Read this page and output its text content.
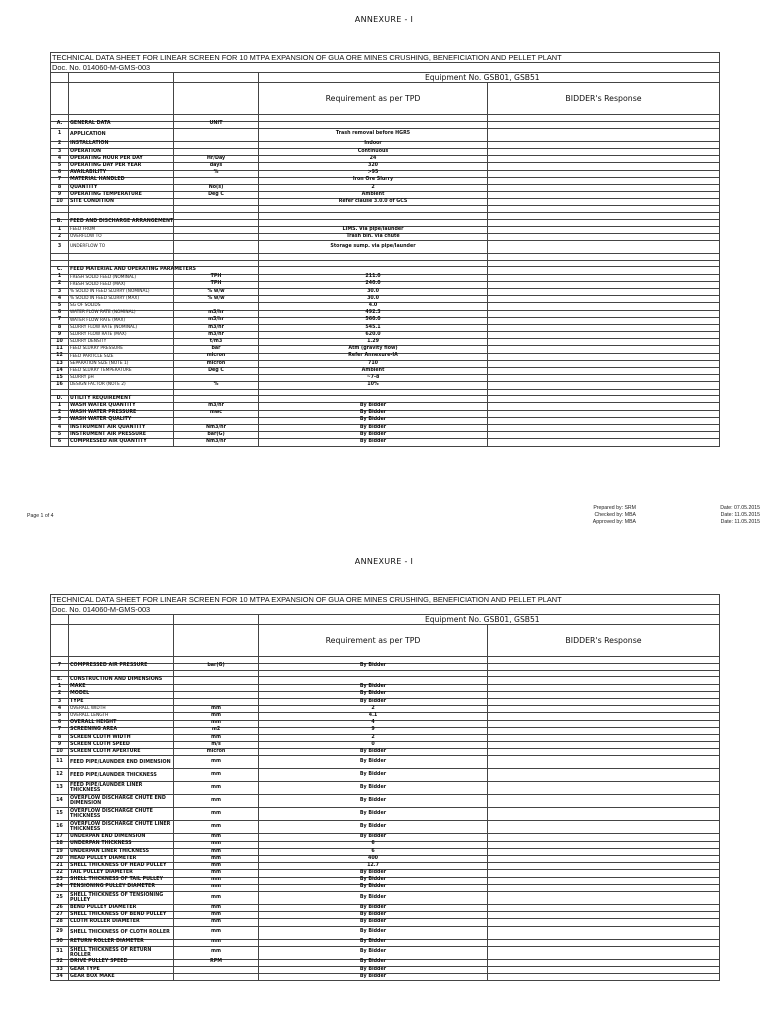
ANNEXURE - I
TECHNICAL DATA SHEET FOR LINEAR SCREEN FOR 10 MTPA EXPANSION OF GUA ORE MINES CRUSHING, BENEFICIATION AND PELLET PLANT				
Doc. No. 014060-M-GMS-003				
			Equipment No. GSB01, GSB51	
			Requirement as per TPD	BIDDER's Response

A.	GENERAL DATA	UNIT		
1	APPLICATION		Trash removal before HGR5	
2	INSTALLATION		Indoor	
3	OPERATION		Continuous	
4	OPERATING HOUR PER DAY	Hr/Day	24	
5	OPERATING DAY PER YEAR	days	320	
6	AVAILABILITY	%	>95	
7	MATERIAL HANDLED		Iron Ore Slurry	
8	QUANTITY	No(s)	2	
9	OPERATING TEMPERATURE	Deg C	Ambient	
10	SITE CONDITION		Refer clause 3.0.0 of GCS	

B.	FEED AND DISCHARGE ARRANGEMENT			
1	FEED FROM		LIMS. Via pipe/launder	
2	OVERFLOW TO		Trash bin. via chute	
3	UNDERFLOW TO		Storage sump. via pipe/launder	

C.	FEED MATERIAL AND OPERATING PARAMETERS			
1	FRESH SOLID FEED (NOMINAL)	TPH	211.0	
2	FRESH SOLID FEED (MAX)	TPH	240.0	
3	% SOLID IN FEED SLURRY (NOMINAL)	% w/w	30.0	
4	% SOLID IN FEED SLURRY (MAX)	% w/w	30.0	
5	SG OF SOLIDS		4.0	
6	WATER FLOW RATE (NOMINAL)	m3/hr	492.3	
7	WATER FLOW RATE (MAX)	m3/hr	560.0	
8	SLURRY FLOW RATE (NOMINAL)	m3/hr	545.1	
9	SLURRY FLOW RATE (MAX)	m3/hr	620.0	
10	SLURRY DENSITY	t/m3	1.29	
11	FEED SLURRY PRESSURE	bar	Atm (gravity flow)	
12	FEED PARTICLE SIZE	micron	Refer Annexure-IA	
13	SEPARATION SIZE (NOTE 1)	micron	710	
14	FEED SLURRY TEMPERATURE	Deg C	Ambient	
15	SLURRY pH		~7-8	
16	DESIGN FACTOR (NOTE 2)	%	10%	

D.	UTILITY REQUIREMENT			
1	WASH WATER QUANTITY	m3/hr	By Bidder	
2	WASH WATER PRESSURE	mwc	By Bidder	
3	WASH WATER QUALITY		By Bidder	
4	INSTRUMENT AIR QUANTITY	Nm3/hr	By Bidder	
5	INSTRUMENT AIR PRESSURE	bar(G)	By Bidder	
6	COMPRESSED AIR QUANTITY	Nm3/hr	By Bidder	
Page 1 of 4
Prepared by: SRM
Checked by: MBA
Approved by: MBA
Date: 07.05.2015
Date: 11.05.2015
Date: 11.05.2015
ANNEXURE - I
TECHNICAL DATA SHEET FOR LINEAR SCREEN FOR 10 MTPA EXPANSION OF GUA ORE MINES CRUSHING, BENEFICIATION AND PELLET PLANT				
Doc. No. 014060-M-GMS-003				
			Equipment No. GSB01, GSB51	
			Requirement as per TPD	BIDDER's Response

7	COMPRESSED AIR PRESSURE	bar(G)	By Bidder	

E.	CONSTRUCTION AND DIMENSIONS			
1	MAKE		By Bidder	
2	MODEL		By Bidder	
3	TYPE		By Bidder	
4	OVERALL WIDTH	mm	2	
5	OVERALL LENGTH	mm	4.1	
6	OVERALL HEIGHT	mm	4	
7	SCREENING AREA	m2	9	
8	SCREEN CLOTH WIDTH	mm	2	
9	SCREEN CLOTH SPEED	m/s	0	
10	SCREEN CLOTH APERTURE	micron	By Bidder	
11	FEED PIPE/LAUNDER END DIMENSION	mm	By Bidder	
12	FEED PIPE/LAUNDER THICKNESS	mm	By Bidder	
13	FEED PIPE/LAUNDER LINER THICKNESS	mm	By Bidder	
14	OVERFLOW DISCHARGE CHUTE END DIMENSION	mm	By Bidder	
15	OVERFLOW DISCHARGE CHUTE THICKNESS	mm	By Bidder	
16	OVERFLOW DISCHARGE CHUTE LINER THICKNESS	mm	By Bidder	
17	UNDERPAN END DIMENSION	mm	By Bidder	
18	UNDERPAN THICKNESS	mm	6	
19	UNDERPAN LINER THICKNESS	mm	6	
20	HEAD PULLEY DIAMETER	mm	400	
21	SHELL THICKNESS OF HEAD PULLEY	mm	12.7	
22	TAIL PULLEY DIAMETER	mm	By Bidder	
23	SHELL THICKNESS OF TAIL PULLEY	mm	By Bidder	
24	TENSIONING PULLEY DIAMETER	mm	By Bidder	
25	SHELL THICKNESS OF TENSIONING PULLEY	mm	By Bidder	
26	BEND PULLEY DIAMETER	mm	By Bidder	
27	SHELL THICKNESS OF BEND PULLEY	mm	By Bidder	
28	CLOTH ROLLER DIAMETER	mm	By Bidder	
29	SHELL THICKNESS OF CLOTH ROLLER	mm	By Bidder	
30	RETURN ROLLER DIAMETER	mm	By Bidder	
31	SHELL THICKNESS OF RETURN ROLLER	mm	By Bidder	
32	DRIVE PULLEY SPEED	RPM	By Bidder	
33	GEAR TYPE		By Bidder	
34	GEAR BOX MAKE		By Bidder	
